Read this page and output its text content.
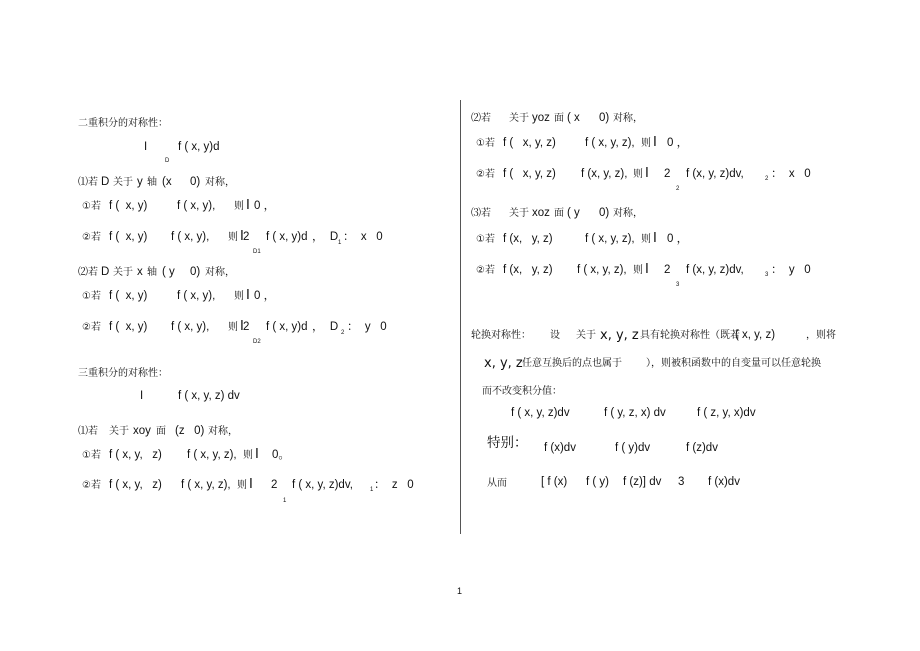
二重积分的对称性：
I	f ( x, y)d
D
⑴若 D 关于 y 轴 (x 0) 对称，
①若 f (  x, y)	f ( x, y), 则 I 0 ，
②若 f (  x, y) f ( x, y), 则 I 2 f ( x, y)d
D1
，  D 1 ：  x   0
⑵若 D 关于 x 轴 ( y 0) 对称，
①若 f (  x, y)	f ( x, y), 则 I 0 ，
②若 f (  x, y) f ( x, y), 则 I 2 f ( x, y)d
D2
，  D 2 ：  y   0
三重积分的对称性：
I	f ( x, y, z) dv
⑴若 关于 xoy 面 (z   0) 对称，
①若 f ( x, y,   z) f ( x, y, z), 则 I 0。
②若 f ( x, y,   z) f ( x, y, z), 则 I 2 f ( x, y, z)dv,	1 ：  z   0
1
⑵若 关于 yoz 面 ( x      0) 对称，
①若 f (   x, y, z)	f ( x, y, z), 则 I 0 ，
②若 f (   x, y, z) f (x, y, z), 则 I 2 f (x, y, z)dv,	2 ：  x   0
2
⑶若 关于 xoz 面 ( y      0) 对称，
①若 f (x,   y, z)	f ( x, y, z), 则 I 0 ，
②若 f (x,   y, z) f ( x, y, z), 则 I 2 f (x, y, z)dv,	3 ：  y   0
3
轮换对称性： 设 关于 x, y, z 具有轮换对称性（既若
( x, y, z)	，则将
x, y, z 任意互换后的点也属于 ），则被积函数中的自变量可以任意轮换
而不改变积分值：
f ( x, y, z)dv	f ( y, z, x) dv	f ( z, y, x)dv
特别： f (x)dv	f ( y)dv	f (z)dv
从而	[ f (x) f ( y) f (z)] dv 3 f (x)dv
1
